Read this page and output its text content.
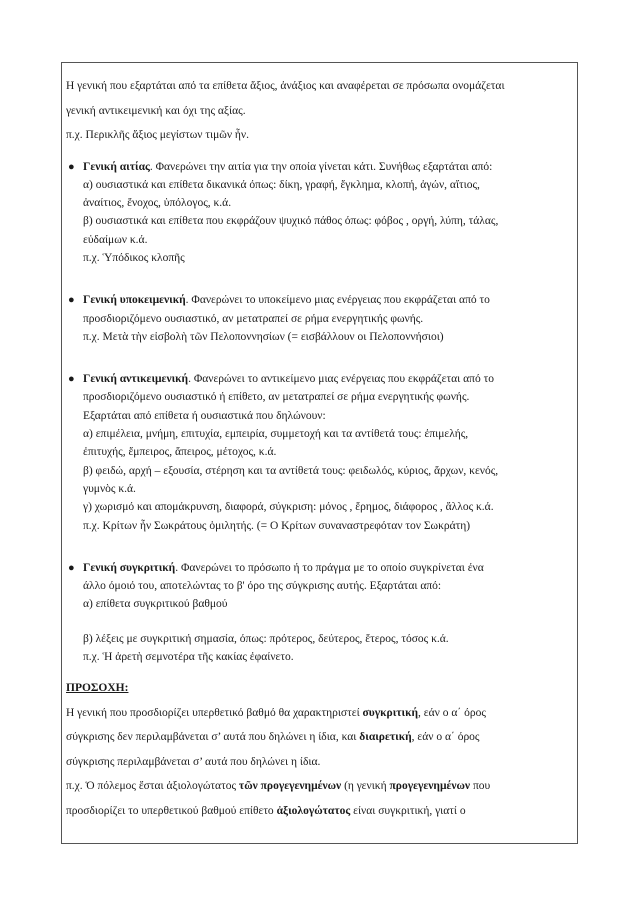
Η γενική που εξαρτάται από τα επίθετα ἄξιος, ἀνάξιος και αναφέρεται σε πρόσωπα ονομάζεται

γενική αντικειμενική και όχι της αξίας.

π.χ. Περικλῆς ἄξιος μεγίστων τιμῶν ἦν.

● Γενική αιτίας. Φανερώνει την αιτία για την οποία γίνεται κάτι. Συνήθως εξαρτάται από:

α) ουσιαστικά και επίθετα δικανικά όπως: δίκη, γραφή, ἔγκλημα, κλοπή, ἀγών, αἴτιος,

ἀναίτιος, ἔνοχος, ὑπόλογος, κ.ά.

β) ουσιαστικά και επίθετα που εκφράζουν ψυχικό πάθος όπως: φόβος , οργή, λύπη, τάλας,

εὐδαίμων κ.ά.

π.χ. Ὑπόδικος κλοπῆς

● Γενική υποκειμενική. Φανερώνει το υποκείμενο μιας ενέργειας που εκφράζεται από το

προσδιοριζόμενο ουσιαστικό, αν μετατραπεί σε ρήμα ενεργητικής φωνής.

π.χ. Μετὰ τὴν εἰσβολὴ τῶν Πελοποννησίων (= εισβάλλουν οι Πελοποννήσιοι)

● Γενική αντικειμενική. Φανερώνει το αντικείμενο μιας ενέργειας που εκφράζεται από το

προσδιοριζόμενο ουσιαστικό ή επίθετο, αν μετατραπεί σε ρήμα ενεργητικής φωνής.

Εξαρτάται από επίθετα ή ουσιαστικά που δηλώνουν:

α) επιμέλεια, μνήμη, επιτυχία, εμπειρία, συμμετοχή και τα αντίθετά τους: ἐπιμελής,

ἐπιτυχής, ἔμπειρος, ἄπειρος, μέτοχος, κ.ά.

β) φειδώ, αρχή – εξουσία, στέρηση και τα αντίθετά τους: φειδωλός, κύριος, ἄρχων, κενός,

γυμνὸς κ.ά.

γ) χωρισμό και απομάκρυνση, διαφορά, σύγκριση: μόνος , ἔρημος, διάφορος , ἄλλος κ.ά.

π.χ. Κρίτων ἦν Σωκράτους ὁμιλητής. (= Ο Κρίτων συναναστρεφόταν τον Σωκράτη)

● Γενική συγκριτική. Φανερώνει το πρόσωπο ή το πράγμα με το οποίο συγκρίνεται ένα

άλλο όμοιό του, αποτελώντας το β' όρο της σύγκρισης αυτής. Εξαρτάται από:

α) επίθετα συγκριτικού βαθμού

β) λέξεις με συγκριτική σημασία, όπως: πρότερος, δεύτερος, ἕτερος, τόσος κ.ά.

π.χ. Ἡ ἀρετὴ σεμνοτέρα τῆς κακίας ἐφαίνετο.

ΠΡΟΣΟΧΗ:

Η γενική που προσδιορίζει υπερθετικό βαθμό θα χαρακτηριστεί συγκριτική, εάν ο α΄ όρος

σύγκρισης δεν περιλαμβάνεται σ’ αυτά που δηλώνει η ίδια, και διαιρετική, εάν ο α΄ όρος

σύγκρισης περιλαμβάνεται σ’ αυτά που δηλώνει η ίδια.

π.χ. Ὁ πόλεμος ἔσται ἀξιολογώτατος τῶν προγεγενημένων (η γενική προγεγενημένων που

προσδιορίζει το υπερθετικού βαθμού επίθετο ἀξιολογώτατος είναι συγκριτική, γιατί ο
